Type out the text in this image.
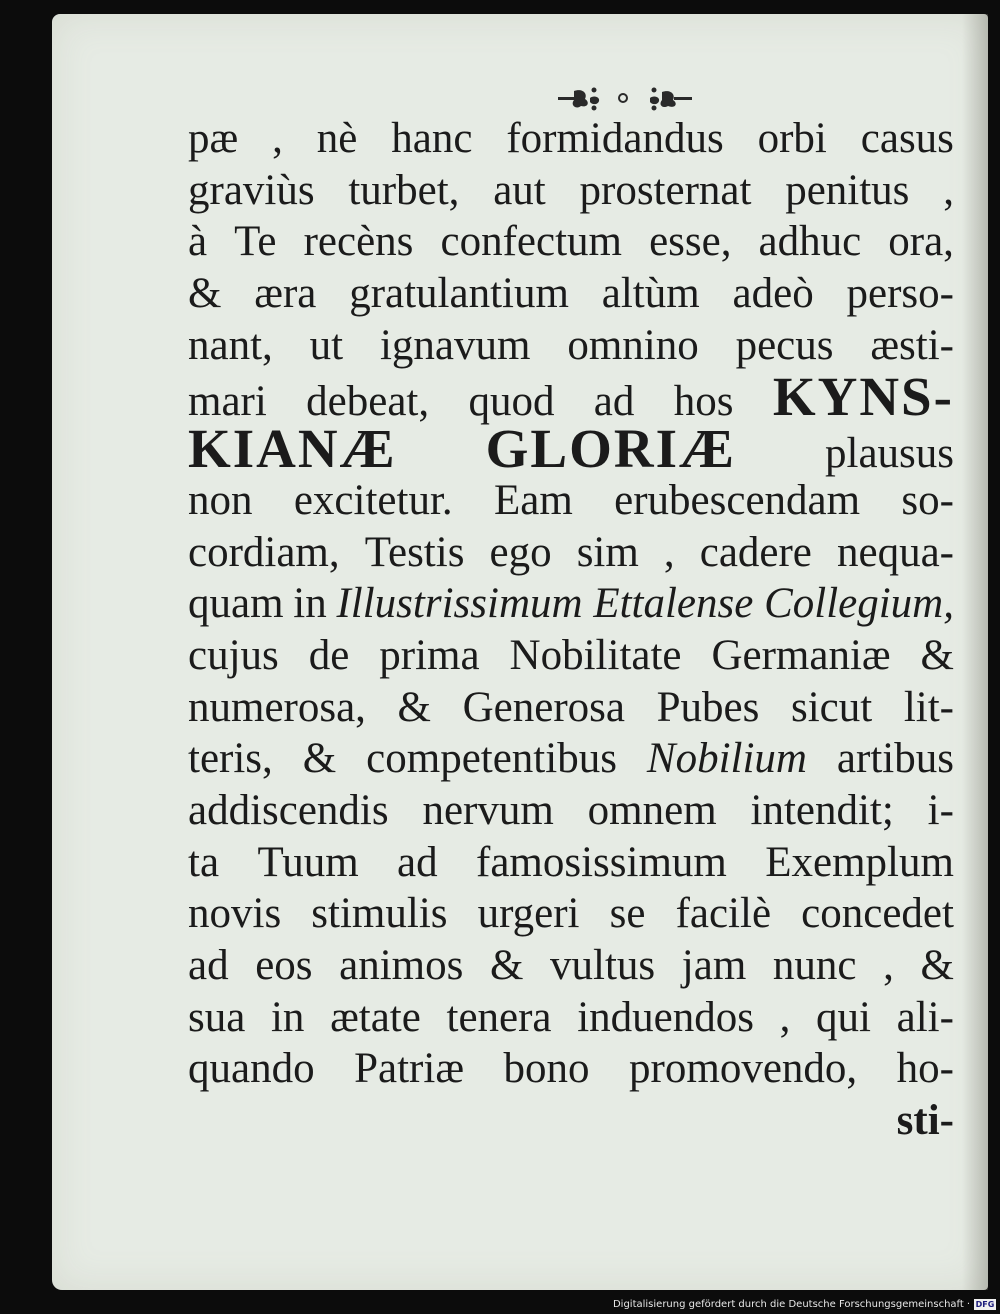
pæ , nè hanc formidandus orbi casus
graviùs turbet, aut prosternat penitus ,
à Te recèns confectum esse, adhuc ora,
& æra gratulantium altùm adeò perso-
nant, ut ignavum omnino pecus æsti-
mari debeat, quod ad hos KYNS-
KIANÆ GLORIÆ plausus
non excitetur. Eam erubescendam so-
cordiam, Testis ego sim , cadere nequa-
quam in Illustrissimum Ettalense Collegium,
cujus de prima Nobilitate Germaniæ &
numerosa, & Generosa Pubes sicut lit-
teris, & competentibus Nobilium artibus
addiscendis nervum omnem intendit; i-
ta Tuum ad famosissimum Exemplum
novis stimulis urgeri se facilè concedet
ad eos animos & vultus jam nunc , &
sua in ætate tenera induendos , qui ali-
quando Patriæ bono promovendo, ho-
sti-
Digitalisierung gefördert durch die Deutsche Forschungsgemeinschaft · DFG
